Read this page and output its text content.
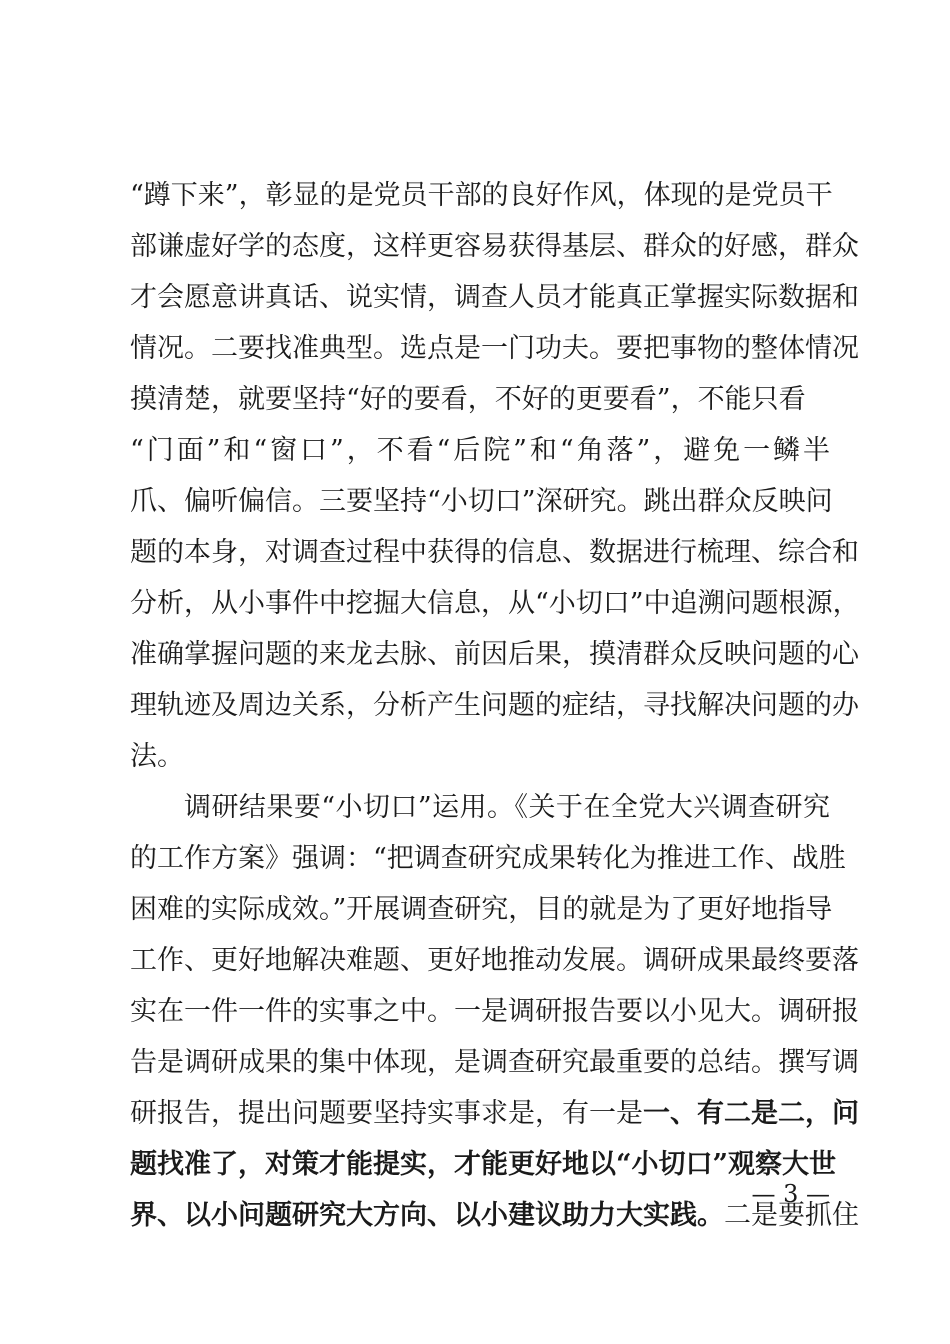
“蹲下来”，彰显的是党员干部的良好作风，体现的是党员干
部谦虚好学的态度，这样更容易获得基层、群众的好感，群众
才会愿意讲真话、说实情，调查人员才能真正掌握实际数据和
情况。二要找准典型。选点是一门功夫。要把事物的整体情况
摸清楚，就要坚持“好的要看，不好的更要看”，不能只看
“门面”和“窗口”，不看“后院”和“角落”，避免一鳞半
爪、偏听偏信。三要坚持“小切口”深研究。跳出群众反映问
题的本身，对调查过程中获得的信息、数据进行梳理、综合和
分析，从小事件中挖掘大信息，从“小切口”中追溯问题根源，
准确掌握问题的来龙去脉、前因后果，摸清群众反映问题的心
理轨迹及周边关系，分析产生问题的症结，寻找解决问题的办
法。
调研结果要“小切口”运用。《关于在全党大兴调查研究
的工作方案》强调：“把调查研究成果转化为推进工作、战胜
困难的实际成效。”开展调查研究，目的就是为了更好地指导
工作、更好地解决难题、更好地推动发展。调研成果最终要落
实在一件一件的实事之中。一是调研报告要以小见大。调研报
告是调研成果的集中体现，是调查研究最重要的总结。撰写调
研报告，提出问题要坚持实事求是，有一是一、有二是二，问
题找准了，对策才能提实，才能更好地以“小切口”观察大世
界、以小问题研究大方向、以小建议助力大实践。二是要抓住
— 3 —
